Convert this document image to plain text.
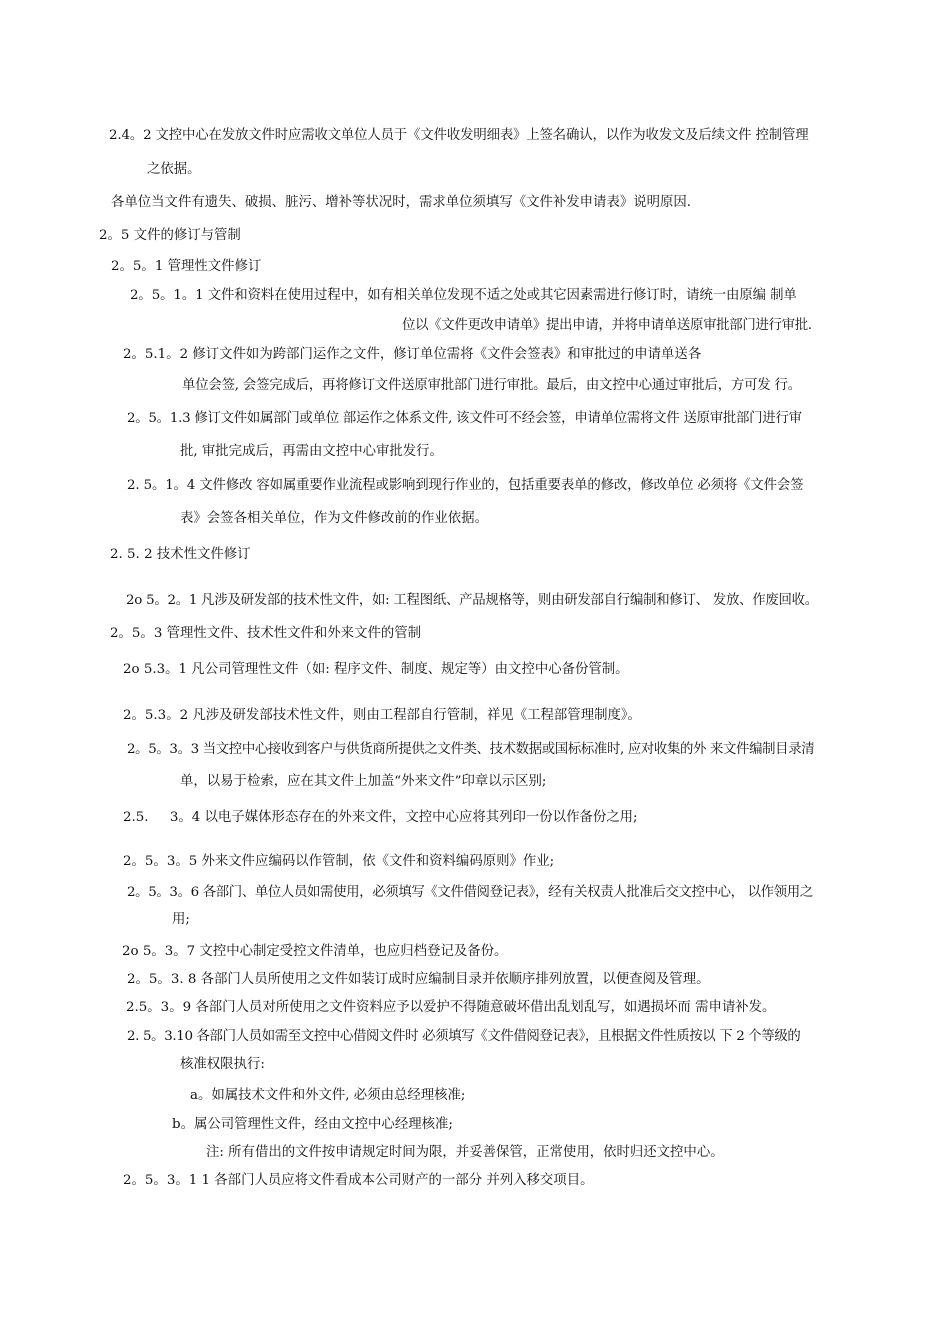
2.4。2 文控中心在发放文件时应需收文单位人员于《文件收发明细表》上签名确认，以作为收发文及后续文件 控制管理
之依据。
各单位当文件有遗失、破损、脏污、增补等状况时，需求单位须填写《文件补发申请表》说明原因.
2。5 文件的修订与管制
2。5。1 管理性文件修订
2。5。1。1 文件和资料在使用过程中，如有相关单位发现不适之处或其它因素需进行修订时，请统一由原编 制单
位以《文件更改申请单》提出申请，并将申请单送原审批部门进行审批.
2。5.1。2 修订文件如为跨部门运作之文件，修订单位需将《文件会签表》和审批过的申请单送各
单位会签, 会签完成后，再将修订文件送原审批部门进行审批。最后，由文控中心通过审批后，方可发 行。
2。5。1.3 修订文件如属部门或单位 部运作之体系文件, 该文件可不经会签，申请单位需将文件 送原审批部门进行审
批, 审批完成后，再需由文控中心审批发行。
2. 5。1。4 文件修改 容如属重要作业流程或影响到现行作业的，包括重要表单的修改，修改单位 必须将《文件会签
表》会签各相关单位，作为文件修改前的作业依据。
2. 5. 2 技术性文件修订
2o 5。2。1 凡涉及研发部的技术性文件，如: 工程图纸、产品规格等，则由研发部自行编制和修订、 发放、作废回收。
2。5。3 管理性文件、技术性文件和外来文件的管制
2o 5.3。1 凡公司管理性文件（如: 程序文件、制度、规定等）由文控中心备份管制。
2。5.3。2 凡涉及研发部技术性文件，则由工程部自行管制，祥见《工程部管理制度》。
2。5。3。3 当文控中心接收到客户与供货商所提供之文件类、技术数据或国标标准时, 应对收集的外 来文件编制目录清
单，以易于检索，应在其文件上加盖“外来文件”印章以示区别;
2.5.     3。4 以电子媒体形态存在的外来文件，文控中心应将其列印一份以作备份之用;
2。5。3。5 外来文件应编码以作管制，依《文件和资料编码原则》作业;
2。5。3。6 各部门、单位人员如需使用，必须填写《文件借阅登记表》，经有关权责人批准后交文控中心， 以作领用之
用;
2o 5。3。7 文控中心制定受控文件清单，也应归档登记及备份。
2。5。3. 8 各部门人员所使用之文件如装订成时应编制目录并依顺序排列放置，以便查阅及管理。
2.5。3。9 各部门人员对所使用之文件资料应予以爱护不得随意破坏借出乱划乱写，如遇损坏而 需申请补发。
2. 5。3.10 各部门人员如需至文控中心借阅文件时 必须填写《文件借阅登记表》，且根据文件性质按以 下 2 个等级的
核准权限执行:
a。如属技术文件和外文件, 必须由总经理核准;
b。属公司管理性文件，经由文控中心经理核准;
注: 所有借出的文件按申请规定时间为限，并妥善保管，正常使用，依时归还文控中心。
2。5。3。1 1 各部门人员应将文件看成本公司财产的一部分 并列入移交项目。
